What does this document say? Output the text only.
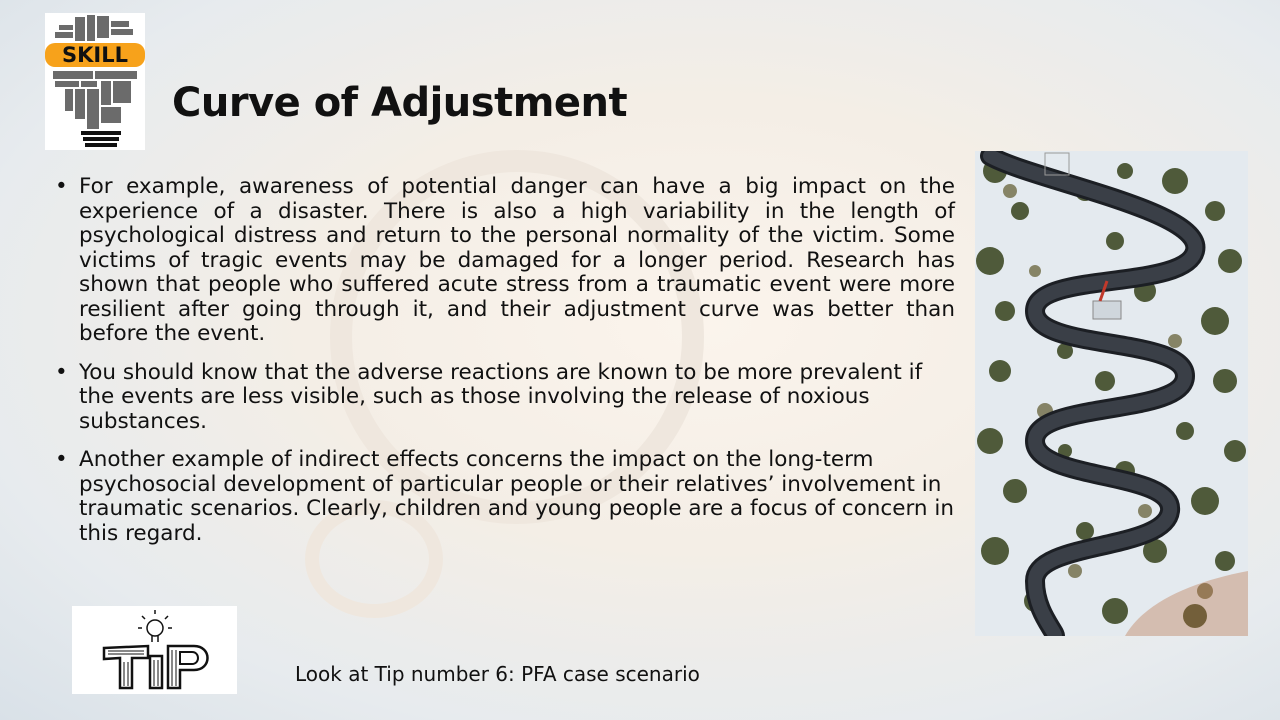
SKILL
Curve of Adjustment
• For example, awareness of potential danger can have a big impact on the experience of a disaster. There is also a high variability in the length of psychological distress and return to the personal normality of the victim. Some victims of tragic events may be damaged for a longer period. Research has shown that people who suffered acute stress from a traumatic event were more resilient after going through it, and their adjustment curve was better than before the event.
• You should know that the adverse reactions are known to be more prevalent if the events are less visible, such as those involving the release of noxious substances.
• Another example of indirect effects concerns the impact on the long-term psychosocial development of particular people or their relatives’ involvement in traumatic scenarios. Clearly, children and young people are a focus of concern in this regard.
Look at Tip number 6: PFA case scenario
